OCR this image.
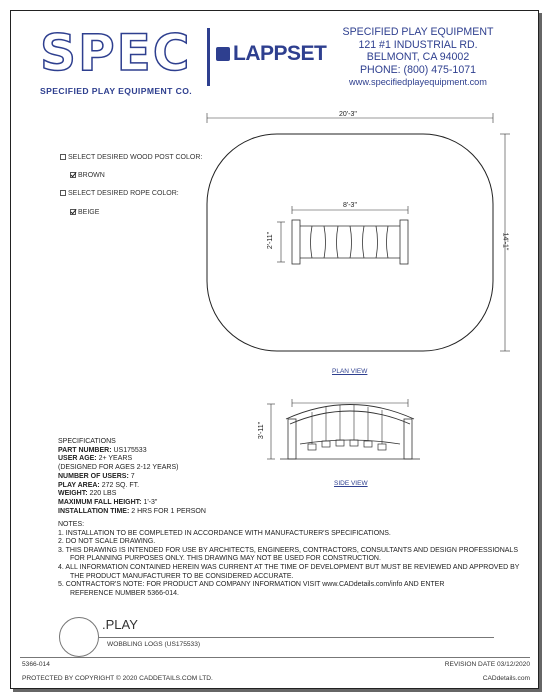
SPEC
SPECIFIED PLAY EQUIPMENT CO.
LAPPSET
SPECIFIED PLAY EQUIPMENT
121 #1 INDUSTRIAL RD.
BELMONT, CA 94002
PHONE: (800) 475-1071
www.specifiedplayequipment.com
SELECT DESIRED WOOD POST COLOR:
BROWN
SELECT DESIRED ROPE COLOR:
BEIGE
20'-3"
14'-1"
8'-3"
2'-11"
3'-11"
PLAN VIEW
SIDE VIEW
SPECIFICATIONS
PART NUMBER: US175533
USER AGE: 2+ YEARS
(DESIGNED FOR AGES 2-12 YEARS)
NUMBER OF USERS: 7
PLAY AREA: 272 SQ. FT.
WEIGHT: 220 LBS
MAXIMUM FALL HEIGHT: 1'-3"
INSTALLATION TIME: 2 HRS FOR 1 PERSON
NOTES:
1. INSTALLATION TO BE COMPLETED IN ACCORDANCE WITH MANUFACTURER'S SPECIFICATIONS.
2. DO NOT SCALE DRAWING.
3. THIS DRAWING IS INTENDED FOR USE BY ARCHITECTS, ENGINEERS, CONTRACTORS, CONSULTANTS AND DESIGN PROFESSIONALS
FOR PLANNING PURPOSES ONLY. THIS DRAWING MAY NOT BE USED FOR CONSTRUCTION.
4. ALL INFORMATION CONTAINED HEREIN WAS CURRENT AT THE TIME OF DEVELOPMENT BUT MUST BE REVIEWED AND APPROVED BY
THE PRODUCT MANUFACTURER TO BE CONSIDERED ACCURATE.
5. CONTRACTOR'S NOTE: FOR PRODUCT AND COMPANY INFORMATION VISIT www.CADdetails.com/info AND ENTER
REFERENCE NUMBER 5366-014.
.PLAY
WOBBLING LOGS (US175533)
5366-014	REVISION DATE 03/12/2020
PROTECTED BY COPYRIGHT © 2020 CADDETAILS.COM LTD.	CADdetails.com
